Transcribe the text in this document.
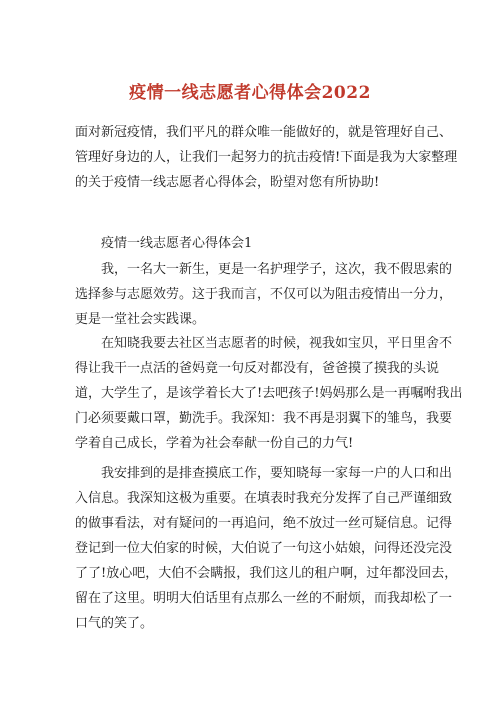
疫情一线志愿者心得体会2022
面对新冠疫情，我们平凡的群众唯一能做好的，就是管理好自己、
管理好身边的人，让我们一起努力的抗击疫情!下面是我为大家整理
的关于疫情一线志愿者心得体会，盼望对您有所协助!
疫情一线志愿者心得体会1
　　我，一名大一新生，更是一名护理学子，这次，我不假思索的
选择参与志愿效劳。这于我而言，不仅可以为阻击疫情出一分力，
更是一堂社会实践课。
　　在知晓我要去社区当志愿者的时候，视我如宝贝，平日里舍不
得让我干一点活的爸妈竟一句反对都没有，爸爸摸了摸我的头说
道，大学生了，是该学着长大了!去吧孩子!妈妈那么是一再嘱咐我出
门必须要戴口罩，勤洗手。我深知：我不再是羽翼下的雏鸟，我要
学着自己成长，学着为社会奉献一份自己的力气!
　　我安排到的是排查摸底工作，要知晓每一家每一户的人口和出
入信息。我深知这极为重要。在填表时我充分发挥了自己严谨细致
的做事看法，对有疑问的一再追问，绝不放过一丝可疑信息。记得
登记到一位大伯家的时候，大伯说了一句这小姑娘，问得还没完没
了了!放心吧，大伯不会瞒报，我们这儿的租户啊，过年都没回去，
留在了这里。明明大伯话里有点那么一丝的不耐烦，而我却松了一
口气的笑了。
